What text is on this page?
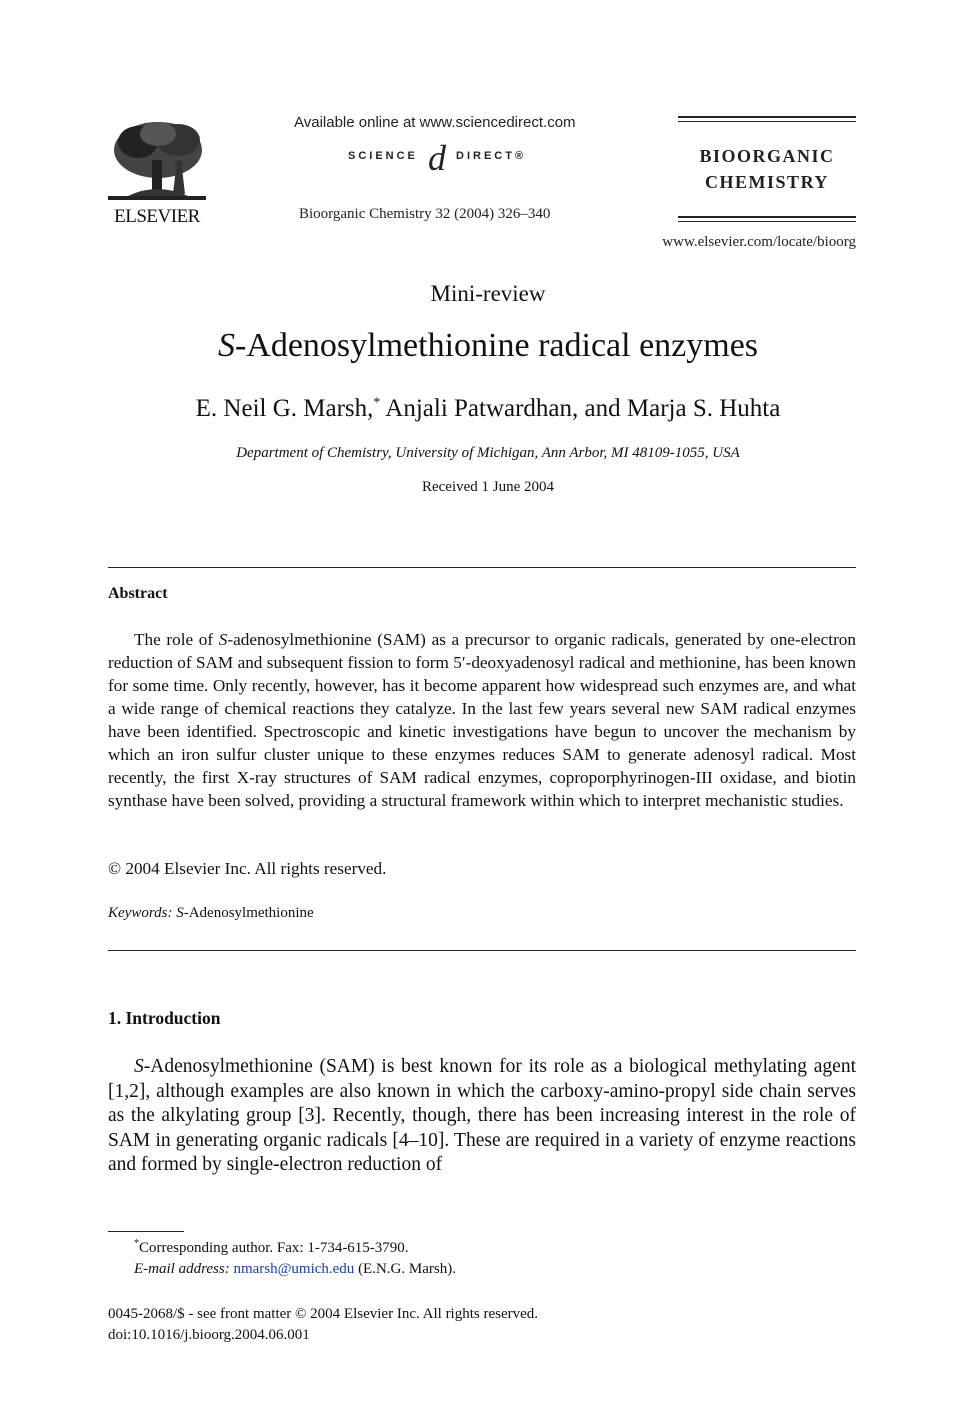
ELSEVIER
Available online at www.sciencedirect.com
SCIENCE d DIRECT®
Bioorganic Chemistry 32 (2004) 326–340
BIOORGANIC
CHEMISTRY
www.elsevier.com/locate/bioorg
Mini-review
S-Adenosylmethionine radical enzymes
E. Neil G. Marsh,* Anjali Patwardhan, and Marja S. Huhta
Department of Chemistry, University of Michigan, Ann Arbor, MI 48109-1055, USA
Received 1 June 2004
Abstract
The role of S-adenosylmethionine (SAM) as a precursor to organic radicals, generated by one-electron reduction of SAM and subsequent fission to form 5′-deoxyadenosyl radical and methionine, has been known for some time. Only recently, however, has it become apparent how widespread such enzymes are, and what a wide range of chemical reactions they catalyze. In the last few years several new SAM radical enzymes have been identified. Spectroscopic and kinetic investigations have begun to uncover the mechanism by which an iron sulfur cluster unique to these enzymes reduces SAM to generate adenosyl radical. Most recently, the first X-ray structures of SAM radical enzymes, coproporphyrinogen-III oxidase, and biotin synthase have been solved, providing a structural framework within which to interpret mechanistic studies.
© 2004 Elsevier Inc. All rights reserved.
Keywords: S-Adenosylmethionine
1. Introduction
S-Adenosylmethionine (SAM) is best known for its role as a biological methylating agent [1,2], although examples are also known in which the carboxy-amino-propyl side chain serves as the alkylating group [3]. Recently, though, there has been increasing interest in the role of SAM in generating organic radicals [4–10]. These are required in a variety of enzyme reactions and formed by single-electron reduction of
*Corresponding author. Fax: 1-734-615-3790.
E-mail address: nmarsh@umich.edu (E.N.G. Marsh).
0045-2068/$ - see front matter © 2004 Elsevier Inc. All rights reserved.
doi:10.1016/j.bioorg.2004.06.001
